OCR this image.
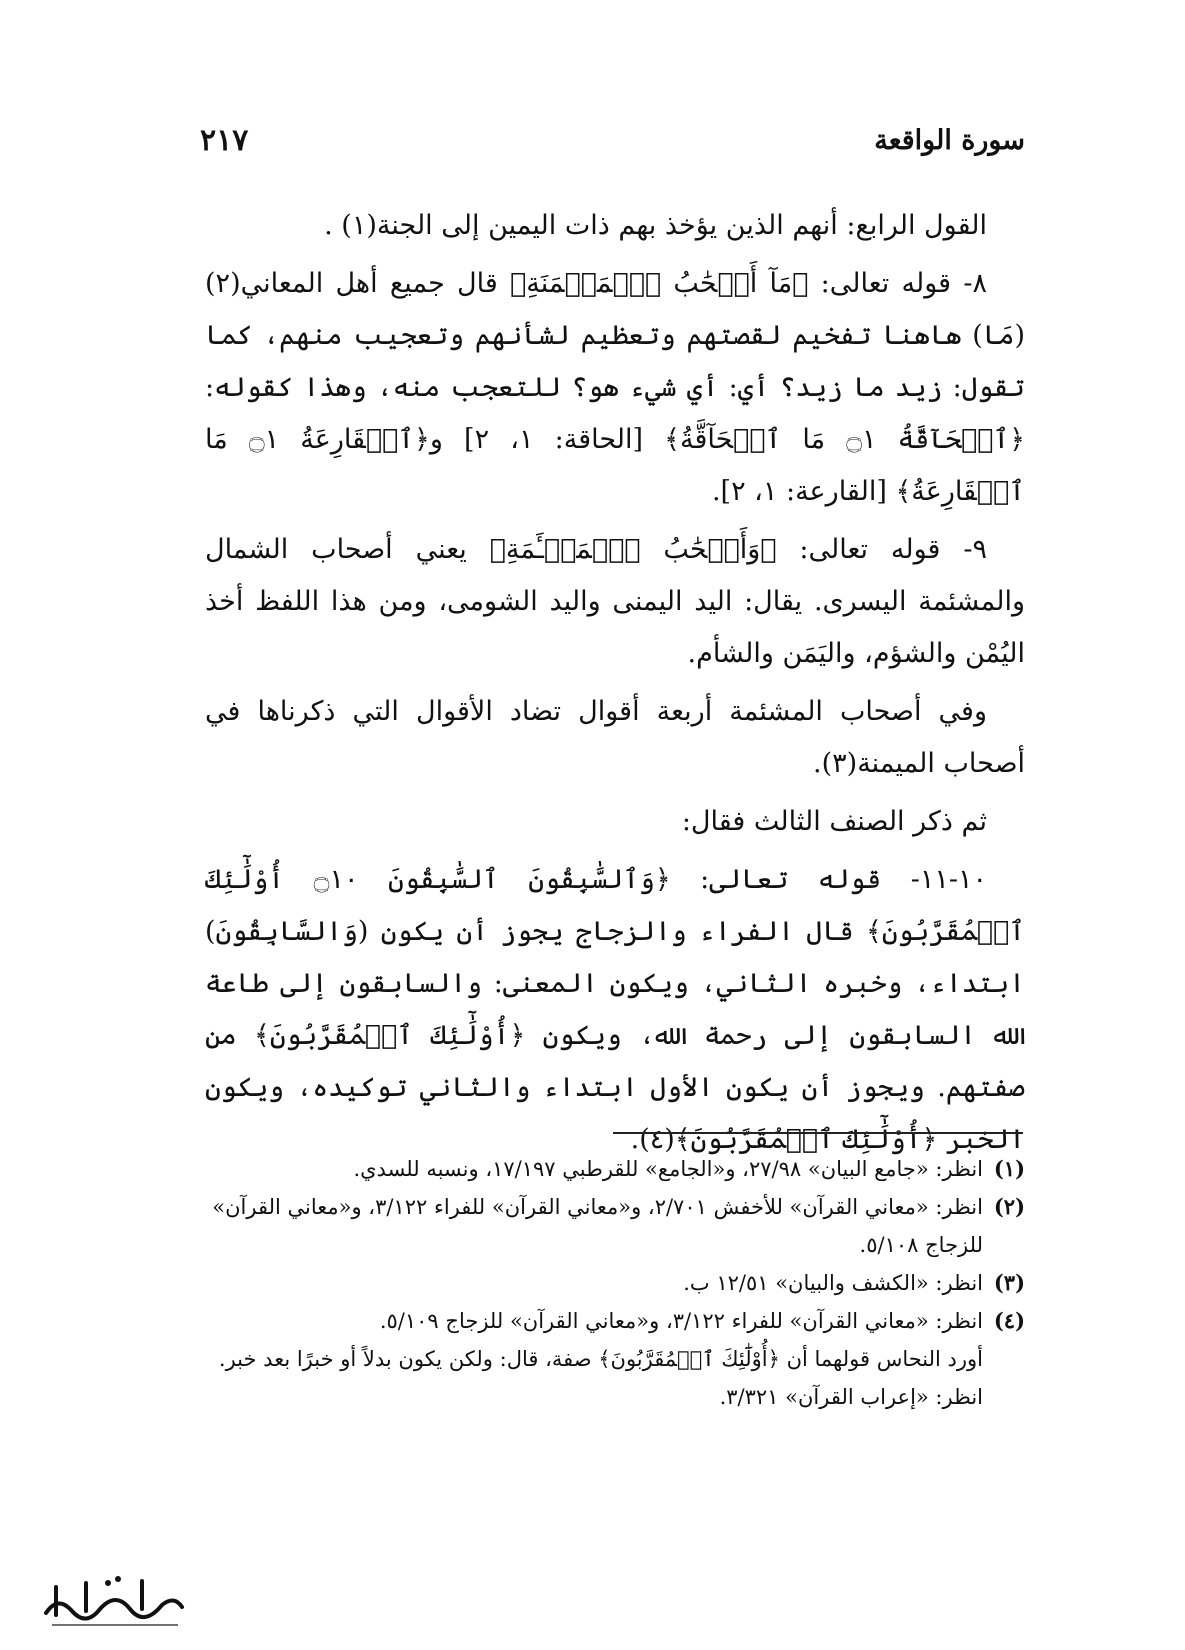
سورة الواقعة
٢١٧

القول الرابع: أنهم الذين يؤخذ بهم ذات اليمين إلى الجنة(١) .

٨- قوله تعالى: ﴿مَآ أَصۡحَٰبُ ٱلۡمَيۡمَنَةِ﴾ قال جميع أهل المعاني(٢) (مَا) هاهنا تفخيم لقصتهم وتعظيم لشأنهم وتعجيب منهم، كما تقول: زيد ما زيد؟ أي: أي شيء هو؟ للتعجب منه، وهذا كقوله: ﴿ٱلۡحَآقَّةُ ۝١ مَا ٱلۡحَآقَّةُ﴾ [الحاقة: ١، ٢] و﴿ٱلۡقَارِعَةُ ۝١ مَا ٱلۡقَارِعَةُ﴾ [القارعة: ١، ٢].

٩- قوله تعالى: ﴿وَأَصۡحَٰبُ ٱلۡمَشۡـَٔمَةِ﴾ يعني أصحاب الشمال والمشئمة اليسرى. يقال: اليد اليمنى واليد الشومى، ومن هذا اللفظ أخذ اليُمْن والشؤم، واليَمَن والشأم.

وفي أصحاب المشئمة أربعة أقوال تضاد الأقوال التي ذكرناها في أصحاب الميمنة(٣).

ثم ذكر الصنف الثالث فقال:

١٠-١١- قوله تعالى: ﴿وَٱلسَّٰبِقُونَ ٱلسَّٰبِقُونَ ۝١٠ أُوْلَٰٓئِكَ ٱلۡمُقَرَّبُونَ﴾ قال الفراء والزجاج يجوز أن يكون (وَالسَّابِقُونَ) ابتداء، وخبره الثاني، ويكون المعنى: والسابقون إلى طاعة الله السابقون إلى رحمة الله، ويكون ﴿أُوْلَٰٓئِكَ ٱلۡمُقَرَّبُونَ﴾ من صفتهم. ويجوز أن يكون الأول ابتداء والثاني توكيده، ويكون الخبر ﴿أُوْلَٰٓئِكَ ٱلۡمُقَرَّبُونَ﴾(٤).

(١)
انظر: «جامع البيان» ٢٧/٩٨، و«الجامع» للقرطبي ١٧/١٩٧، ونسبه للسدي.
(٢)
انظر: «معاني القرآن» للأخفش ٢/٧٠١، و«معاني القرآن» للفراء ٣/١٢٢، و«معاني القرآن» للزجاج ٥/١٠٨.
(٣)
انظر: «الكشف والبيان» ١٢/٥١ ب.
(٤)
انظر: «معاني القرآن» للفراء ٣/١٢٢، و«معاني القرآن» للزجاج ٥/١٠٩.
أورد النحاس قولهما أن ﴿أُوْلَٰٓئِكَ ٱلۡمُقَرَّبُونَ﴾ صفة، قال: ولكن يكون بدلاً أو خبرًا بعد خبر. انظر: «إعراب القرآن» ٣/٣٢١.
